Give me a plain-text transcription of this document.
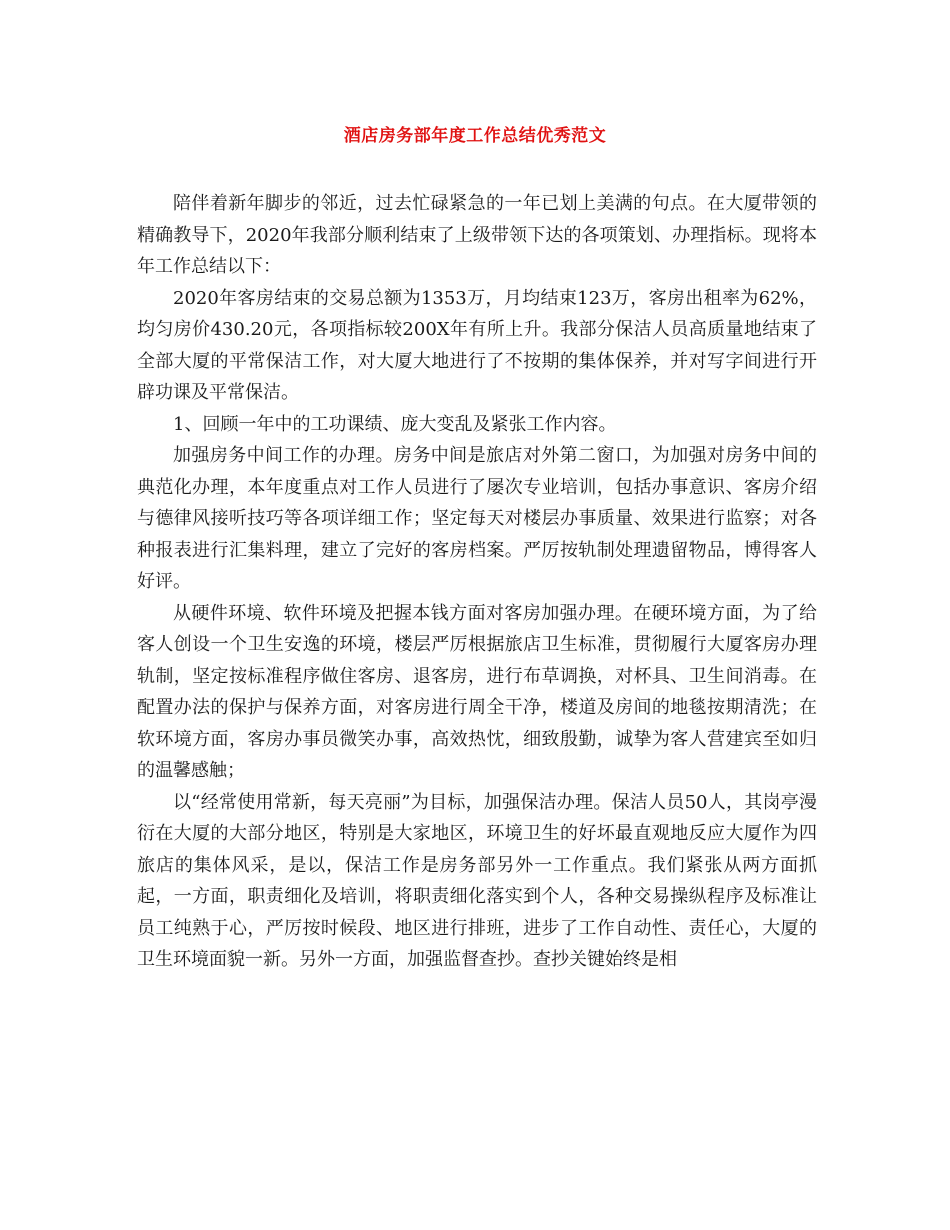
酒店房务部年度工作总结优秀范文

陪伴着新年脚步的邻近，过去忙碌紧急的一年已划上美满的句点。在大厦带领的精确教导下，2020年我部分顺利结束了上级带领下达的各项策划、办理指标。现将本年工作总结以下：

2020年客房结束的交易总额为1353万，月均结束123万，客房出租率为62%，均匀房价430.20元，各项指标较200X年有所上升。我部分保洁人员高质量地结束了全部大厦的平常保洁工作，对大厦大地进行了不按期的集体保养，并对写字间进行开辟功课及平常保洁。

1、回顾一年中的工功课绩、庞大变乱及紧张工作内容。

加强房务中间工作的办理。房务中间是旅店对外第二窗口，为加强对房务中间的典范化办理，本年度重点对工作人员进行了屡次专业培训，包括办事意识、客房介绍与德律风接听技巧等各项详细工作；坚定每天对楼层办事质量、效果进行监察；对各种报表进行汇集料理，建立了完好的客房档案。严厉按轨制处理遗留物品，博得客人好评。

从硬件环境、软件环境及把握本钱方面对客房加强办理。在硬环境方面，为了给客人创设一个卫生安逸的环境，楼层严厉根据旅店卫生标准，贯彻履行大厦客房办理轨制，坚定按标准程序做住客房、退客房，进行布草调换，对杯具、卫生间消毒。在配置办法的保护与保养方面，对客房进行周全干净，楼道及房间的地毯按期清洗；在软环境方面，客房办事员微笑办事，高效热忱，细致殷勤，诚挚为客人营建宾至如归的温馨感触；

以“经常使用常新，每天亮丽”为目标，加强保洁办理。保洁人员50人，其岗亭漫衍在大厦的大部分地区，特别是大家地区，环境卫生的好坏最直观地反应大厦作为四旅店的集体风采，是以，保洁工作是房务部另外一工作重点。我们紧张从两方面抓起，一方面，职责细化及培训，将职责细化落实到个人，各种交易操纵程序及标准让员工纯熟于心，严厉按时候段、地区进行排班，进步了工作自动性、责任心，大厦的卫生环境面貌一新。另外一方面，加强监督查抄。查抄关键始终是相
